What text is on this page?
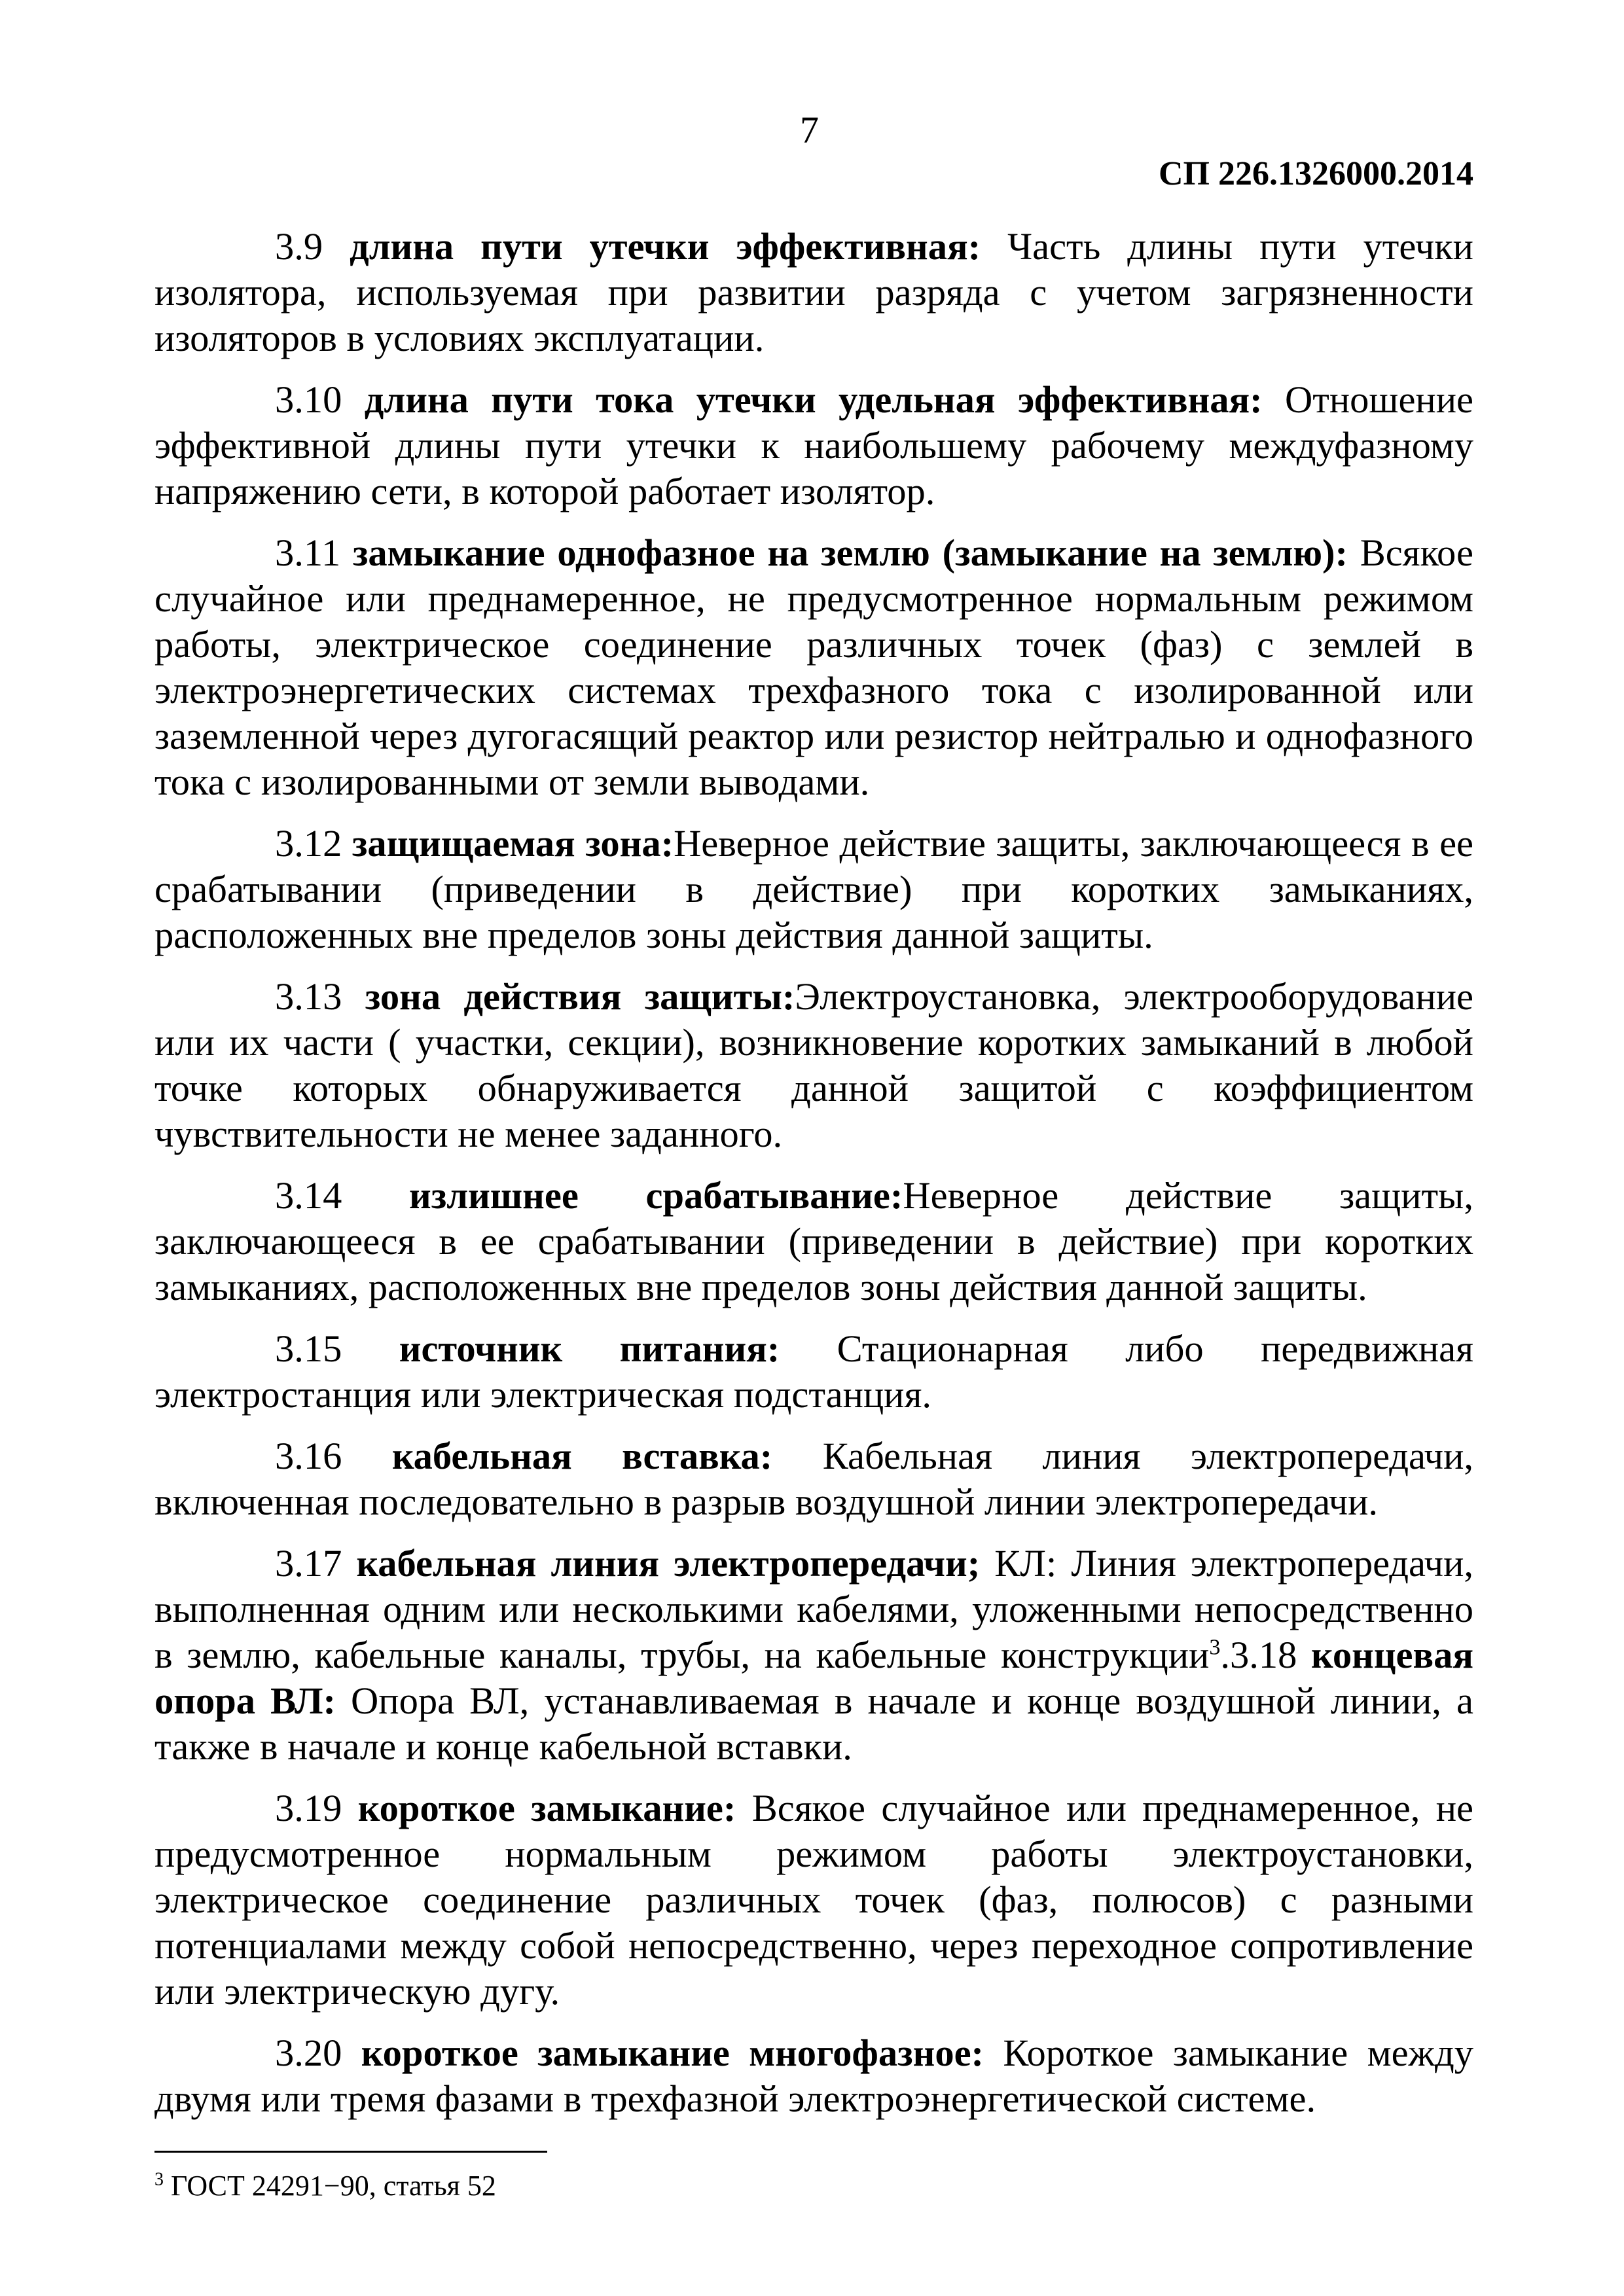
7
СП 226.1326000.2014

3.9 длина пути утечки эффективная: Часть длины пути утечки изолятора, используемая при развитии разряда с учетом загрязненности изоляторов в условиях эксплуатации.

3.10 длина пути тока утечки удельная эффективная: Отношение эффективной длины пути утечки к наибольшему рабочему междуфазному напряжению сети, в которой работает изолятор.

3.11 замыкание однофазное на землю (замыкание на землю): Всякое случайное или преднамеренное, не предусмотренное нормальным режимом работы, электрическое соединение различных точек (фаз) с землей в электроэнергетических системах трехфазного тока с изолированной или заземленной через дугогасящий реактор или резистор нейтралью и однофазного тока с изолированными от земли выводами.

3.12 защищаемая зона:Неверное действие защиты, заключающееся в ее срабатывании (приведении в действие) при коротких замыканиях, расположенных вне пределов зоны действия данной защиты.

3.13 зона действия защиты:Электроустановка, электрооборудование или их части ( участки, секции), возникновение коротких замыканий в любой точке которых обнаруживается данной защитой с коэффициентом чувствительности не менее заданного.

3.14 излишнее срабатывание:Неверное действие защиты, заключающееся в ее срабатывании (приведении в действие) при коротких замыканиях, расположенных вне пределов зоны действия данной защиты.

3.15 источник питания: Стационарная либо передвижная электростанция или электрическая подстанция.

3.16 кабельная вставка: Кабельная линия электропередачи, включенная последовательно в разрыв воздушной линии электропередачи.

3.17 кабельная линия электропередачи; КЛ: Линия электропередачи, выполненная одним или несколькими кабелями, уложенными непосредственно в землю, кабельные каналы, трубы, на кабельные конструкции$^3$.3.18 концевая опора ВЛ: Опора ВЛ, устанавливаемая в начале и конце воздушной линии, а также в начале и конце кабельной вставки.

3.19 короткое замыкание: Всякое случайное или преднамеренное, не предусмотренное нормальным режимом работы электроустановки, электрическое соединение различных точек (фаз, полюсов) с разными потенциалами между собой непосредственно, через переходное сопротивление или электрическую дугу.

3.20 короткое замыкание многофазное: Короткое замыкание между двумя или тремя фазами в трехфазной электроэнергетической системе.

$^3$ ГОСТ 24291−90, статья 52
